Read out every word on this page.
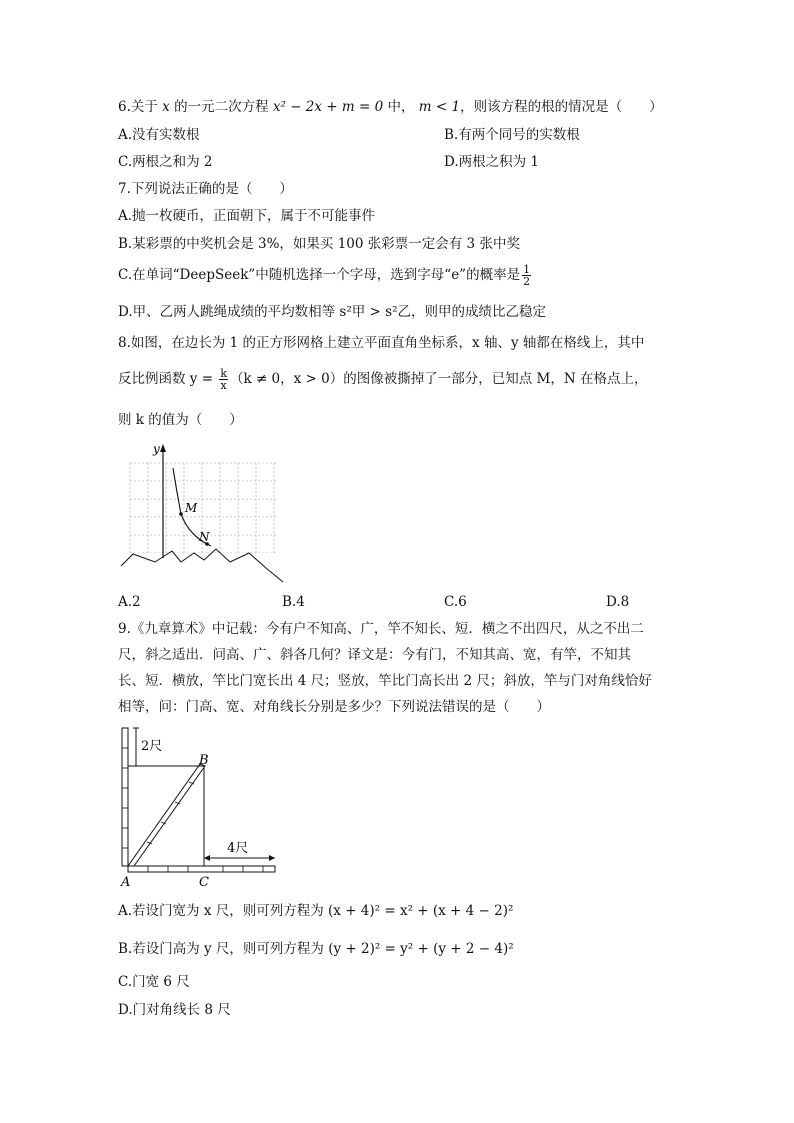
6.关于 x 的一元二次方程 x² − 2x + m = 0 中， m < 1，则该方程的根的情况是（　　）
A.没有实数根	B.有两个同号的实数根
C.两根之和为 2	D.两根之积为 1
7.下列说法正确的是（　　）
A.抛一枚硬币，正面朝下，属于不可能事件
B.某彩票的中奖机会是 3%，如果买 100 张彩票一定会有 3 张中奖
C.在单词“DeepSeek”中随机选择一个字母，选到字母“e”的概率是 $\frac{1}{2}$
D.甲、乙两人跳绳成绩的平均数相等 s²甲 > s²乙，则甲的成绩比乙稳定
8.如图，在边长为 1 的正方形网格上建立平面直角坐标系，x 轴、y 轴都在格线上，其中
反比例函数 $y = \frac{k}{x} (k \ne 0$，x > 0）的图像被撕掉了一部分，已知点 M，N 在格点上，
则 k 的值为（　　）
y
M
N
A.2	B.4	C.6	D.8
9.《九章算术》中记载：今有户不知高、广，竿不知长、短．横之不出四尺，从之不出二
尺，斜之适出．问高、广、斜各几何？译文是：今有门，不知其高、宽，有竿，不知其
长、短．横放，竿比门宽长出 4 尺；竖放，竿比门高长出 2 尺；斜放，竿与门对角线恰好
相等，问：门高、宽、对角线长分别是多少？下列说法错误的是（　　）
2尺
4尺
A
B
C
A.若设门宽为 x 尺，则可列方程为 (x + 4)² = x² + (x + 4 − 2)²
B.若设门高为 y 尺，则可列方程为 (y + 2)² = y² + (y + 2 − 4)²
C.门宽 6 尺
D.门对角线长 8 尺
